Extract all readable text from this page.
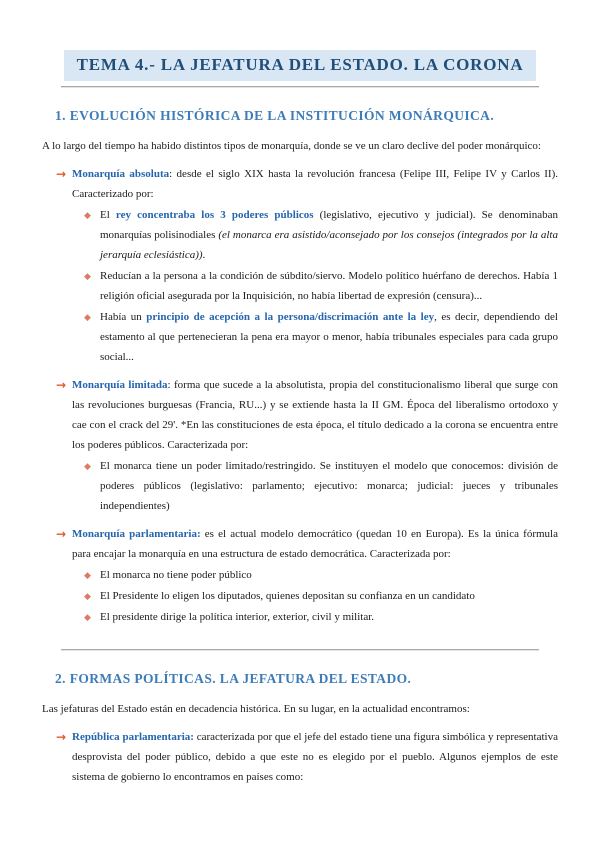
TEMA 4.- LA JEFATURA DEL ESTADO. LA CORONA
1. EVOLUCIÓN HISTÓRICA DE LA INSTITUCIÓN MONÁRQUICA.

A lo largo del tiempo ha habido distintos tipos de monarquía, donde se ve un claro declive del poder monárquico:

→ Monarquía absoluta: desde el siglo XIX hasta la revolución francesa (Felipe III, Felipe IV y Carlos II). Caracterizado por:
◆ El rey concentraba los 3 poderes públicos (legislativo, ejecutivo y judicial). Se denominaban monarquías polisinodiales (el monarca era asistido/aconsejado por los consejos (integrados por la alta jerarquía eclesiástica)).
◆ Reducían a la persona a la condición de súbdito/siervo. Modelo político huérfano de derechos. Había 1 religión oficial asegurada por la Inquisición, no había libertad de expresión (censura)...
◆ Había un principio de acepción a la persona/discrimación ante la ley, es decir, dependiendo del estamento al que pertenecieran la pena era mayor o menor, había tribunales especiales para cada grupo social...
→ Monarquía limitada: forma que sucede a la absolutista, propia del constitucionalismo liberal que surge con las revoluciones burguesas (Francia, RU...) y se extiende hasta la II GM. Época del liberalismo ortodoxo y cae con el crack del 29'. *En las constituciones de esta época, el título dedicado a la corona se encuentra entre los poderes públicos. Caracterizada por:
◆ El monarca tiene un poder limitado/restringido. Se instituyen el modelo que conocemos: división de poderes públicos (legislativo: parlamento; ejecutivo: monarca; judicial: jueces y tribunales independientes)
→ Monarquía parlamentaria: es el actual modelo democrático (quedan 10 en Europa). Es la única fórmula para encajar la monarquía en una estructura de estado democrática. Caracterizada por:
◆ El monarca no tiene poder público
◆ El Presidente lo eligen los diputados, quienes depositan su confianza en un candidato
◆ El presidente dirige la política interior, exterior, civil y militar.
2. FORMAS POLÍTICAS. LA JEFATURA DEL ESTADO.

Las jefaturas del Estado están en decadencia histórica. En su lugar, en la actualidad encontramos:

→ República parlamentaria: caracterizada por que el jefe del estado tiene una figura simbólica y representativa desprovista del poder público, debido a que este no es elegido por el pueblo. Algunos ejemplos de este sistema de gobierno lo encontramos en países como:
